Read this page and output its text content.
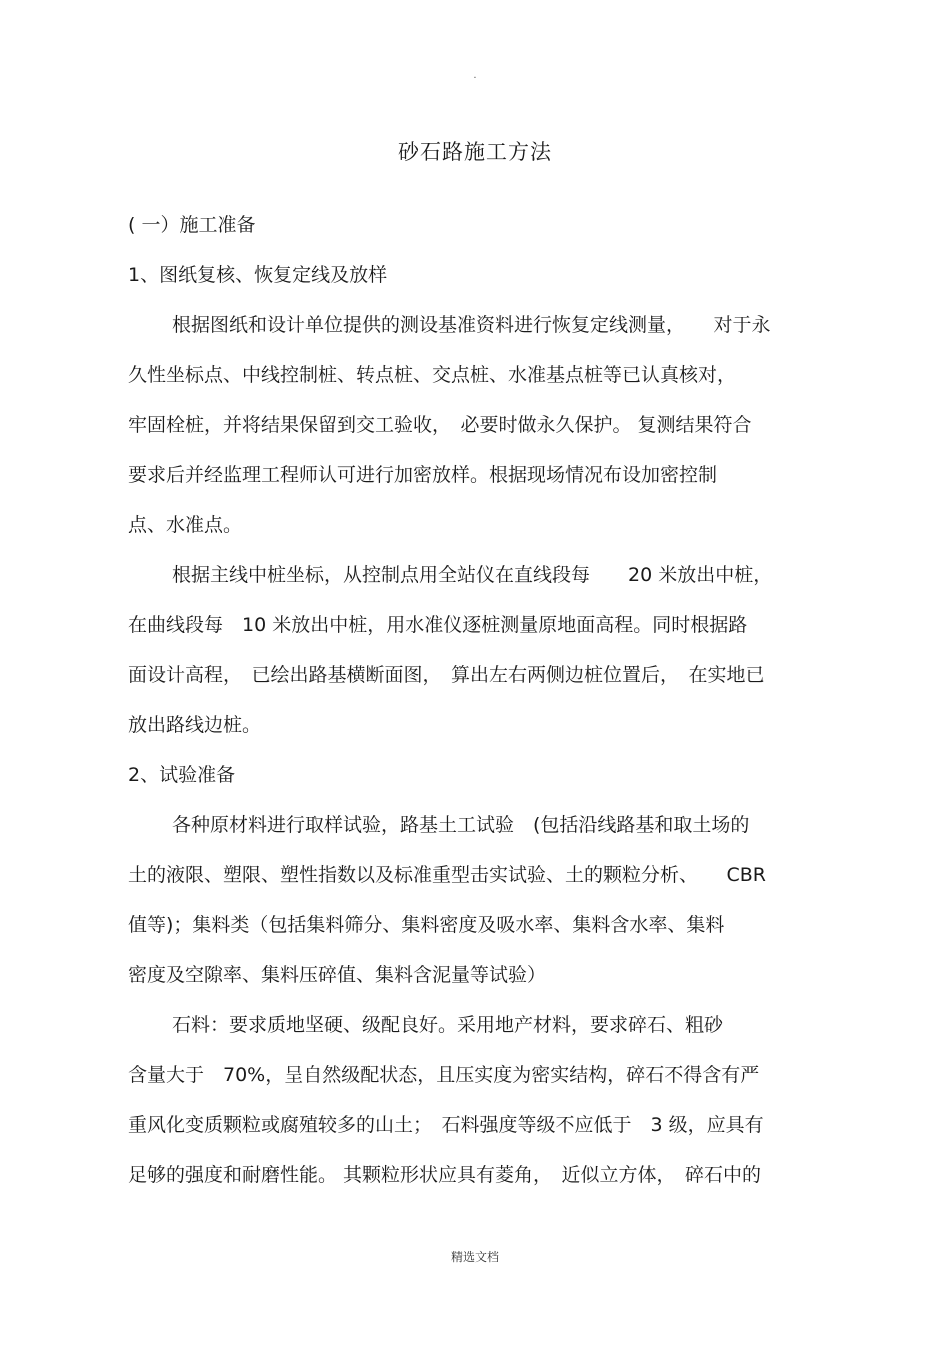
.
砂石路施工方法
( 一）施工准备
1、图纸复核、恢复定线及放样
根据图纸和设计单位提供的测设基准资料进行恢复定线测量，　　对于永
久性坐标点、中线控制桩、转点桩、交点桩、水准基点桩等已认真核对，
牢固栓桩，并将结果保留到交工验收，　必要时做永久保护。 复测结果符合
要求后并经监理工程师认可进行加密放样。根据现场情况布设加密控制
点、水准点。
根据主线中桩坐标，从控制点用全站仪在直线段每　　20 米放出中桩，
在曲线段每　10 米放出中桩，用水准仪逐桩测量原地面高程。同时根据路
面设计高程，　已绘出路基横断面图，　算出左右两侧边桩位置后，　在实地已
放出路线边桩。
2、试验准备
各种原材料进行取样试验，路基土工试验　(包括沿线路基和取土场的
土的液限、塑限、塑性指数以及标准重型击实试验、土的颗粒分析、　　CBR
值等)；集料类（包括集料筛分、集料密度及吸水率、集料含水率、集料
密度及空隙率、集料压碎值、集料含泥量等试验）
石料：要求质地坚硬、级配良好。采用地产材料，要求碎石、粗砂
含量大于　70%，呈自然级配状态，且压实度为密实结构，碎石不得含有严
重风化变质颗粒或腐殖较多的山土；　石料强度等级不应低于　3 级，应具有
足够的强度和耐磨性能。 其颗粒形状应具有菱角，　近似立方体，　碎石中的
精选文档
